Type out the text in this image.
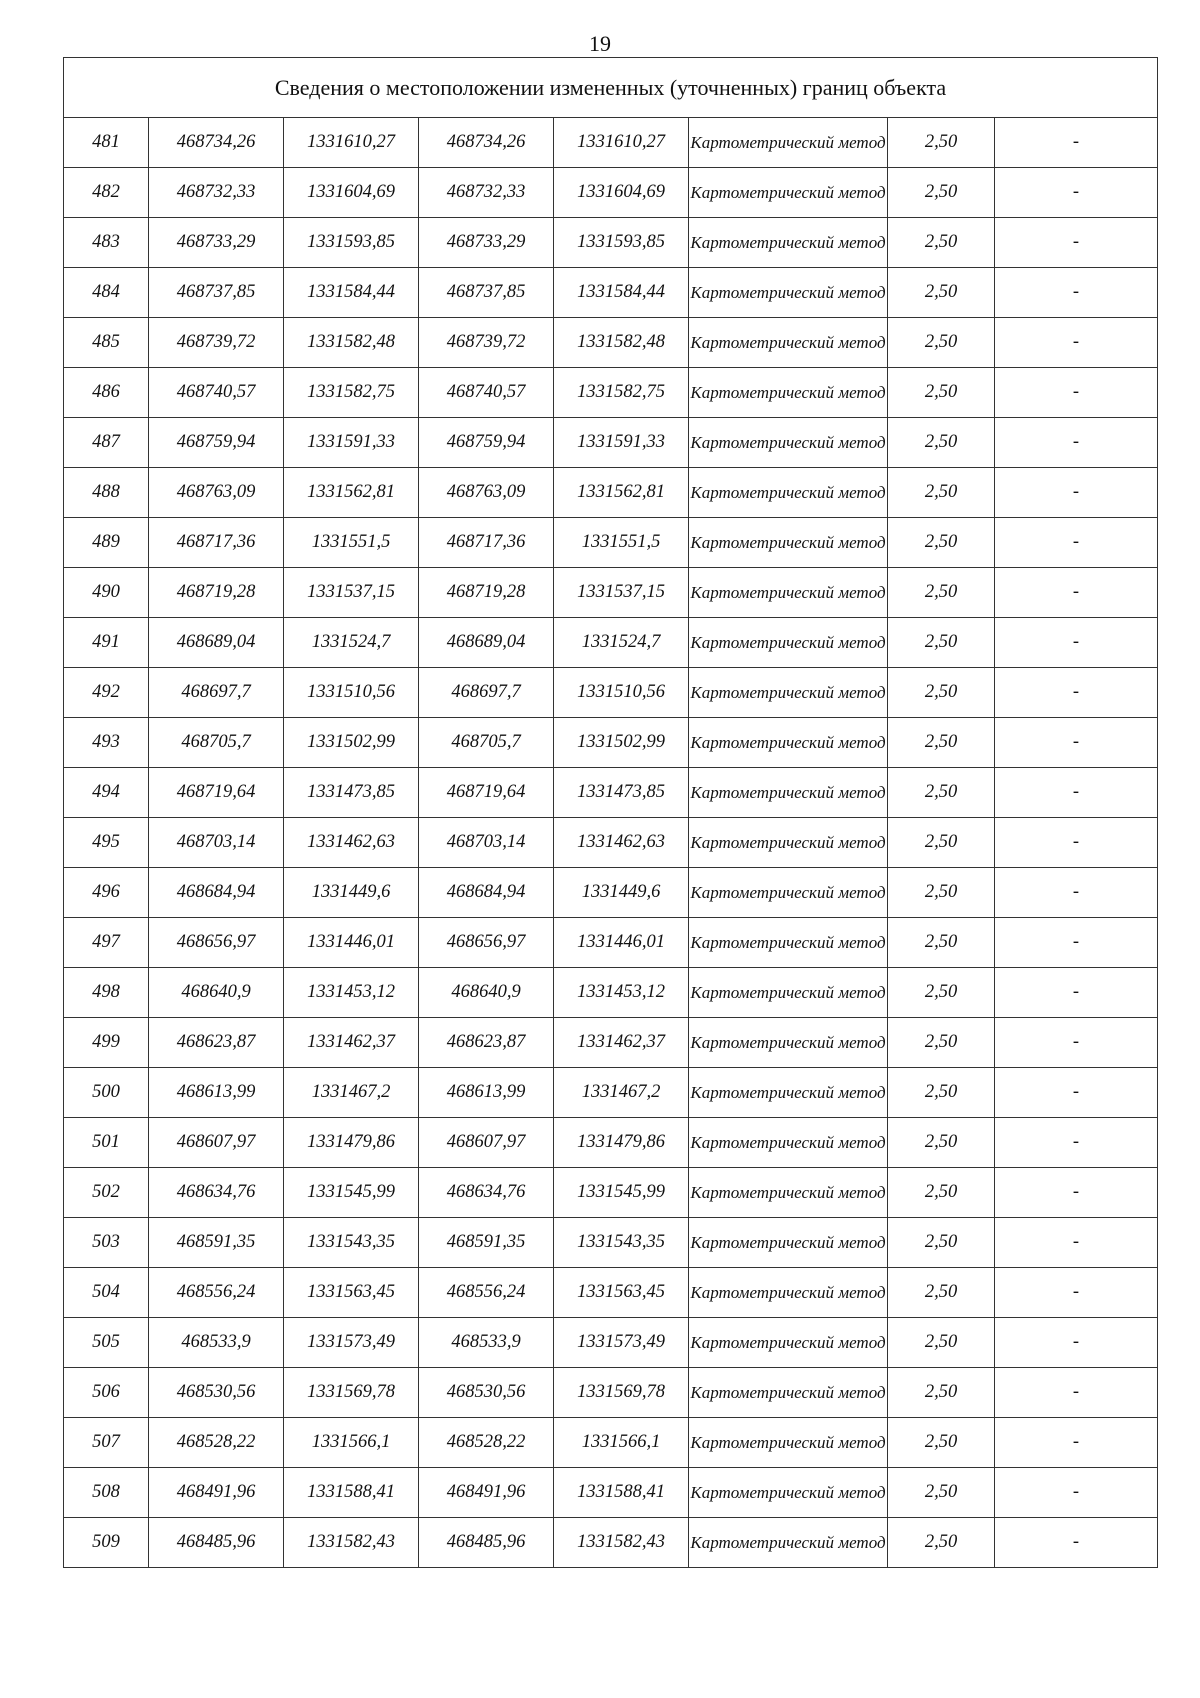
19
Сведения о местоположении измененных (уточненных) границ объекта							
481	468734,26	1331610,27	468734,26	1331610,27	Картометрический метод	2,50	-
482	468732,33	1331604,69	468732,33	1331604,69	Картометрический метод	2,50	-
483	468733,29	1331593,85	468733,29	1331593,85	Картометрический метод	2,50	-
484	468737,85	1331584,44	468737,85	1331584,44	Картометрический метод	2,50	-
485	468739,72	1331582,48	468739,72	1331582,48	Картометрический метод	2,50	-
486	468740,57	1331582,75	468740,57	1331582,75	Картометрический метод	2,50	-
487	468759,94	1331591,33	468759,94	1331591,33	Картометрический метод	2,50	-
488	468763,09	1331562,81	468763,09	1331562,81	Картометрический метод	2,50	-
489	468717,36	1331551,5	468717,36	1331551,5	Картометрический метод	2,50	-
490	468719,28	1331537,15	468719,28	1331537,15	Картометрический метод	2,50	-
491	468689,04	1331524,7	468689,04	1331524,7	Картометрический метод	2,50	-
492	468697,7	1331510,56	468697,7	1331510,56	Картометрический метод	2,50	-
493	468705,7	1331502,99	468705,7	1331502,99	Картометрический метод	2,50	-
494	468719,64	1331473,85	468719,64	1331473,85	Картометрический метод	2,50	-
495	468703,14	1331462,63	468703,14	1331462,63	Картометрический метод	2,50	-
496	468684,94	1331449,6	468684,94	1331449,6	Картометрический метод	2,50	-
497	468656,97	1331446,01	468656,97	1331446,01	Картометрический метод	2,50	-
498	468640,9	1331453,12	468640,9	1331453,12	Картометрический метод	2,50	-
499	468623,87	1331462,37	468623,87	1331462,37	Картометрический метод	2,50	-
500	468613,99	1331467,2	468613,99	1331467,2	Картометрический метод	2,50	-
501	468607,97	1331479,86	468607,97	1331479,86	Картометрический метод	2,50	-
502	468634,76	1331545,99	468634,76	1331545,99	Картометрический метод	2,50	-
503	468591,35	1331543,35	468591,35	1331543,35	Картометрический метод	2,50	-
504	468556,24	1331563,45	468556,24	1331563,45	Картометрический метод	2,50	-
505	468533,9	1331573,49	468533,9	1331573,49	Картометрический метод	2,50	-
506	468530,56	1331569,78	468530,56	1331569,78	Картометрический метод	2,50	-
507	468528,22	1331566,1	468528,22	1331566,1	Картометрический метод	2,50	-
508	468491,96	1331588,41	468491,96	1331588,41	Картометрический метод	2,50	-
509	468485,96	1331582,43	468485,96	1331582,43	Картометрический метод	2,50	-
